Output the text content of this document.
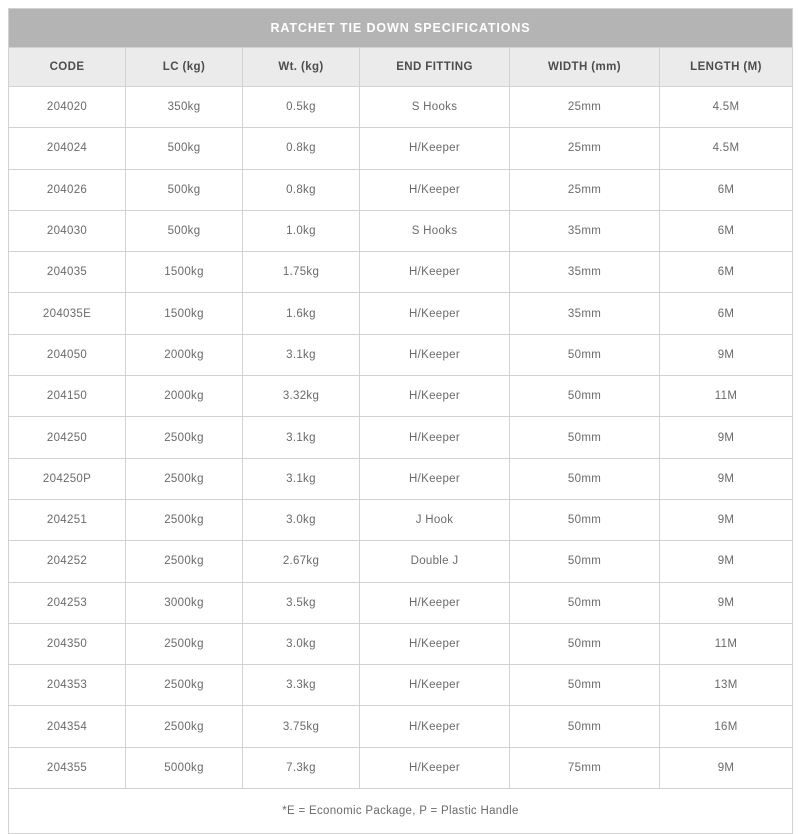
RATCHET TIE DOWN SPECIFICATIONS					
CODE	LC (kg)	Wt. (kg)	END FITTING	WIDTH (mm)	LENGTH (M)
204020	350kg	0.5kg	S Hooks	25mm	4.5M
204024	500kg	0.8kg	H/Keeper	25mm	4.5M
204026	500kg	0.8kg	H/Keeper	25mm	6M
204030	500kg	1.0kg	S Hooks	35mm	6M
204035	1500kg	1.75kg	H/Keeper	35mm	6M
204035E	1500kg	1.6kg	H/Keeper	35mm	6M
204050	2000kg	3.1kg	H/Keeper	50mm	9M
204150	2000kg	3.32kg	H/Keeper	50mm	11M
204250	2500kg	3.1kg	H/Keeper	50mm	9M
204250P	2500kg	3.1kg	H/Keeper	50mm	9M
204251	2500kg	3.0kg	J Hook	50mm	9M
204252	2500kg	2.67kg	Double J	50mm	9M
204253	3000kg	3.5kg	H/Keeper	50mm	9M
204350	2500kg	3.0kg	H/Keeper	50mm	11M
204353	2500kg	3.3kg	H/Keeper	50mm	13M
204354	2500kg	3.75kg	H/Keeper	50mm	16M
204355	5000kg	7.3kg	H/Keeper	75mm	9M
*E = Economic Package, P = Plastic Handle					
